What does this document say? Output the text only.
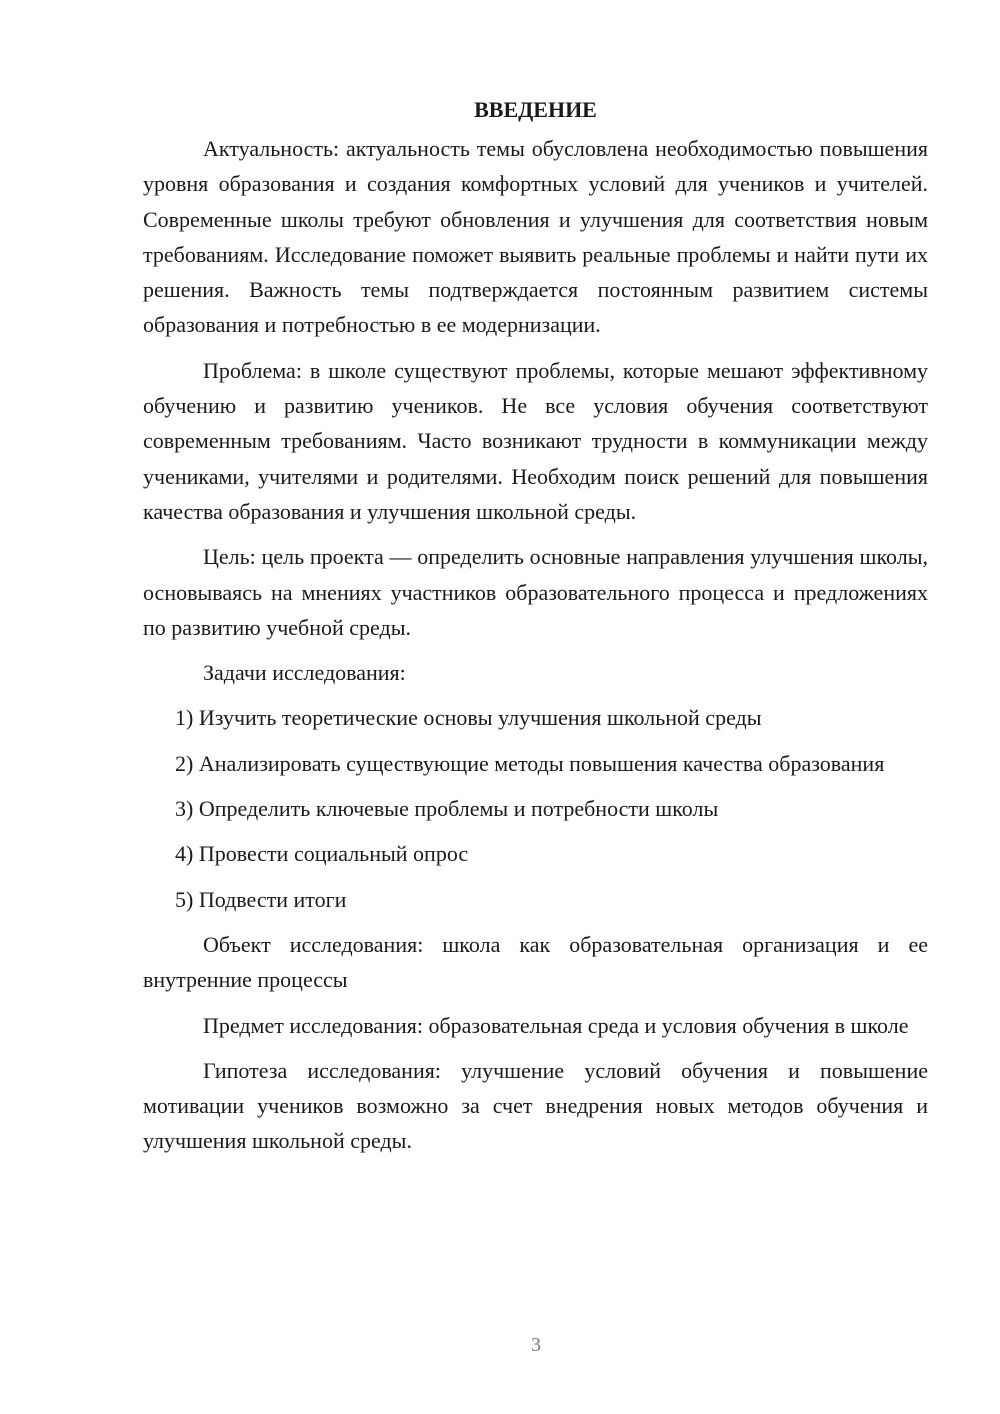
ВВЕДЕНИЕ

Актуальность: актуальность темы обусловлена необходимостью повышения уровня образования и создания комфортных условий для учеников и учителей. Современные школы требуют обновления и улучшения для соответствия новым требованиям. Исследование поможет выявить реальные проблемы и найти пути их решения. Важность темы подтверждается постоянным развитием системы образования и потребностью в ее модернизации.

Проблема: в школе существуют проблемы, которые мешают эффективному обучению и развитию учеников. Не все условия обучения соответствуют современным требованиям. Часто возникают трудности в коммуникации между учениками, учителями и родителями. Необходим поиск решений для повышения качества образования и улучшения школьной среды.

Цель: цель проекта — определить основные направления улучшения школы, основываясь на мнениях участников образовательного процесса и предложениях по развитию учебной среды.

Задачи исследования:

1) Изучить теоретические основы улучшения школьной среды

2) Анализировать существующие методы повышения качества образования

3) Определить ключевые проблемы и потребности школы

4) Провести социальный опрос

5) Подвести итоги

Объект исследования: школа как образовательная организация и ее внутренние процессы

Предмет исследования: образовательная среда и условия обучения в школе

Гипотеза исследования: улучшение условий обучения и повышение мотивации учеников возможно за счет внедрения новых методов обучения и улучшения школьной среды.

3
